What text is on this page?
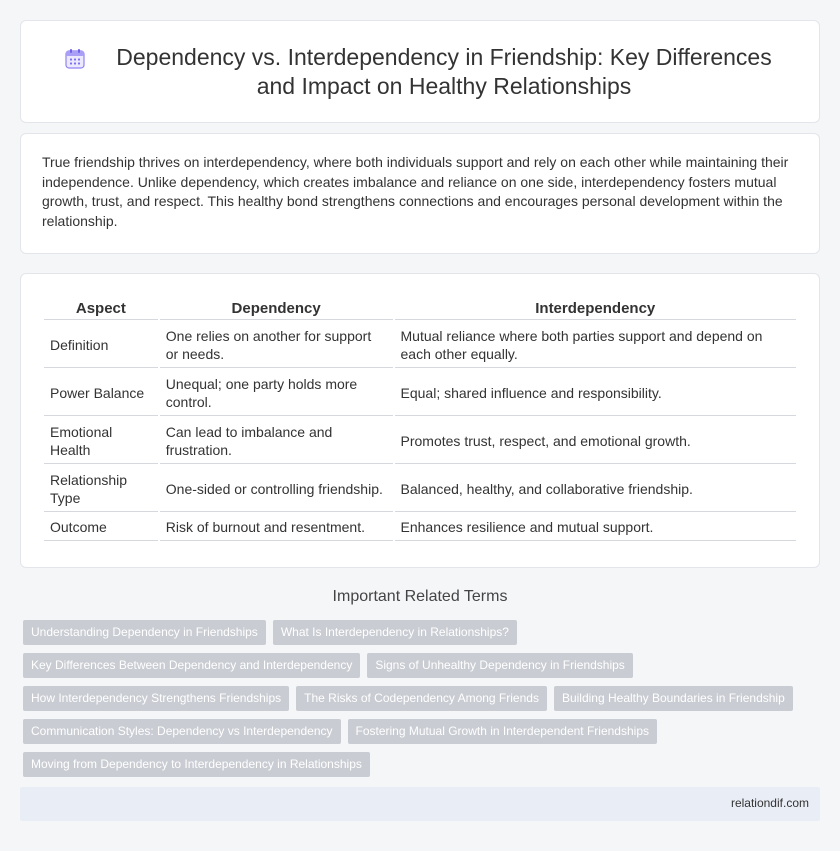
Dependency vs. Interdependency in Friendship: Key Differences and Impact on Healthy Relationships

True friendship thrives on interdependency, where both individuals support and rely on each other while maintaining their independence. Unlike dependency, which creates imbalance and reliance on one side, interdependency fosters mutual growth, trust, and respect. This healthy bond strengthens connections and encourages personal development within the relationship.

Aspect	Dependency	Interdependency
Definition	One relies on another for support or needs.	Mutual reliance where both parties support and depend on each other equally.
Power Balance	Unequal; one party holds more control.	Equal; shared influence and responsibility.
Emotional Health	Can lead to imbalance and frustration.	Promotes trust, respect, and emotional growth.
Relationship Type	One-sided or controlling friendship.	Balanced, healthy, and collaborative friendship.
Outcome	Risk of burnout and resentment.	Enhances resilience and mutual support.
Important Related Terms
Understanding Dependency in Friendships	What Is Interdependency in Relationships?
Key Differences Between Dependency and Interdependency	Signs of Unhealthy Dependency in Friendships
How Interdependency Strengthens Friendships	The Risks of Codependency Among Friends	Building Healthy Boundaries in Friendship
Communication Styles: Dependency vs Interdependency	Fostering Mutual Growth in Interdependent Friendships
Moving from Dependency to Interdependency in Relationships
relationdif.com
